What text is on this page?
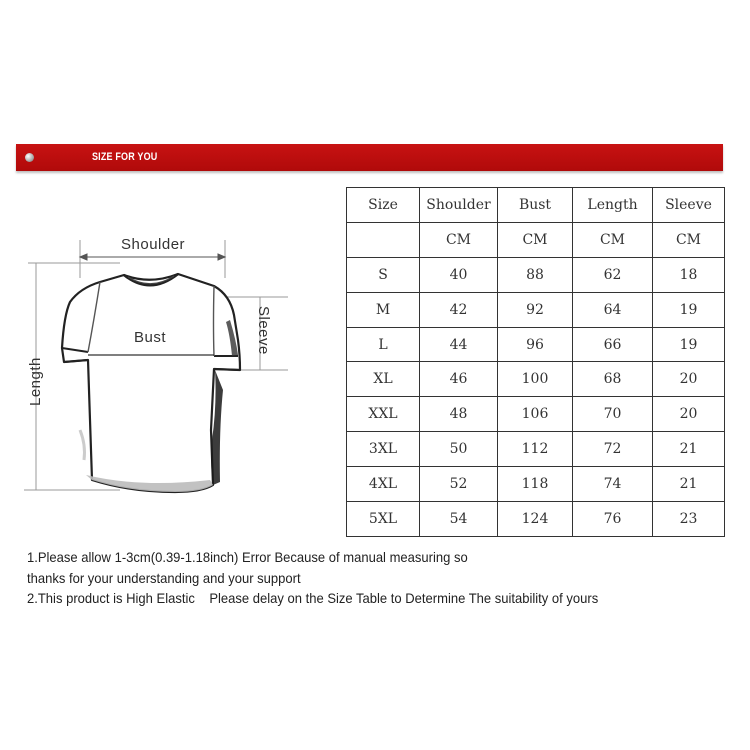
SIZE FOR YOU
Shoulder
Bust	Sleeve
Length
Size	Shoulder	Bust	Length	Sleeve
	CM	CM	CM	CM
S	40	88	62	18
M	42	92	64	19
L	44	96	66	19
XL	46	100	68	20
XXL	48	106	70	20
3XL	50	112	72	21
4XL	52	118	74	21
5XL	54	124	76	23
1.Please allow 1-3cm(0.39-1.18inch) Error Because of manual measuring so
thanks for your understanding and your support
2.This product is High Elastic    Please delay on the Size Table to Determine The suitability of yours
